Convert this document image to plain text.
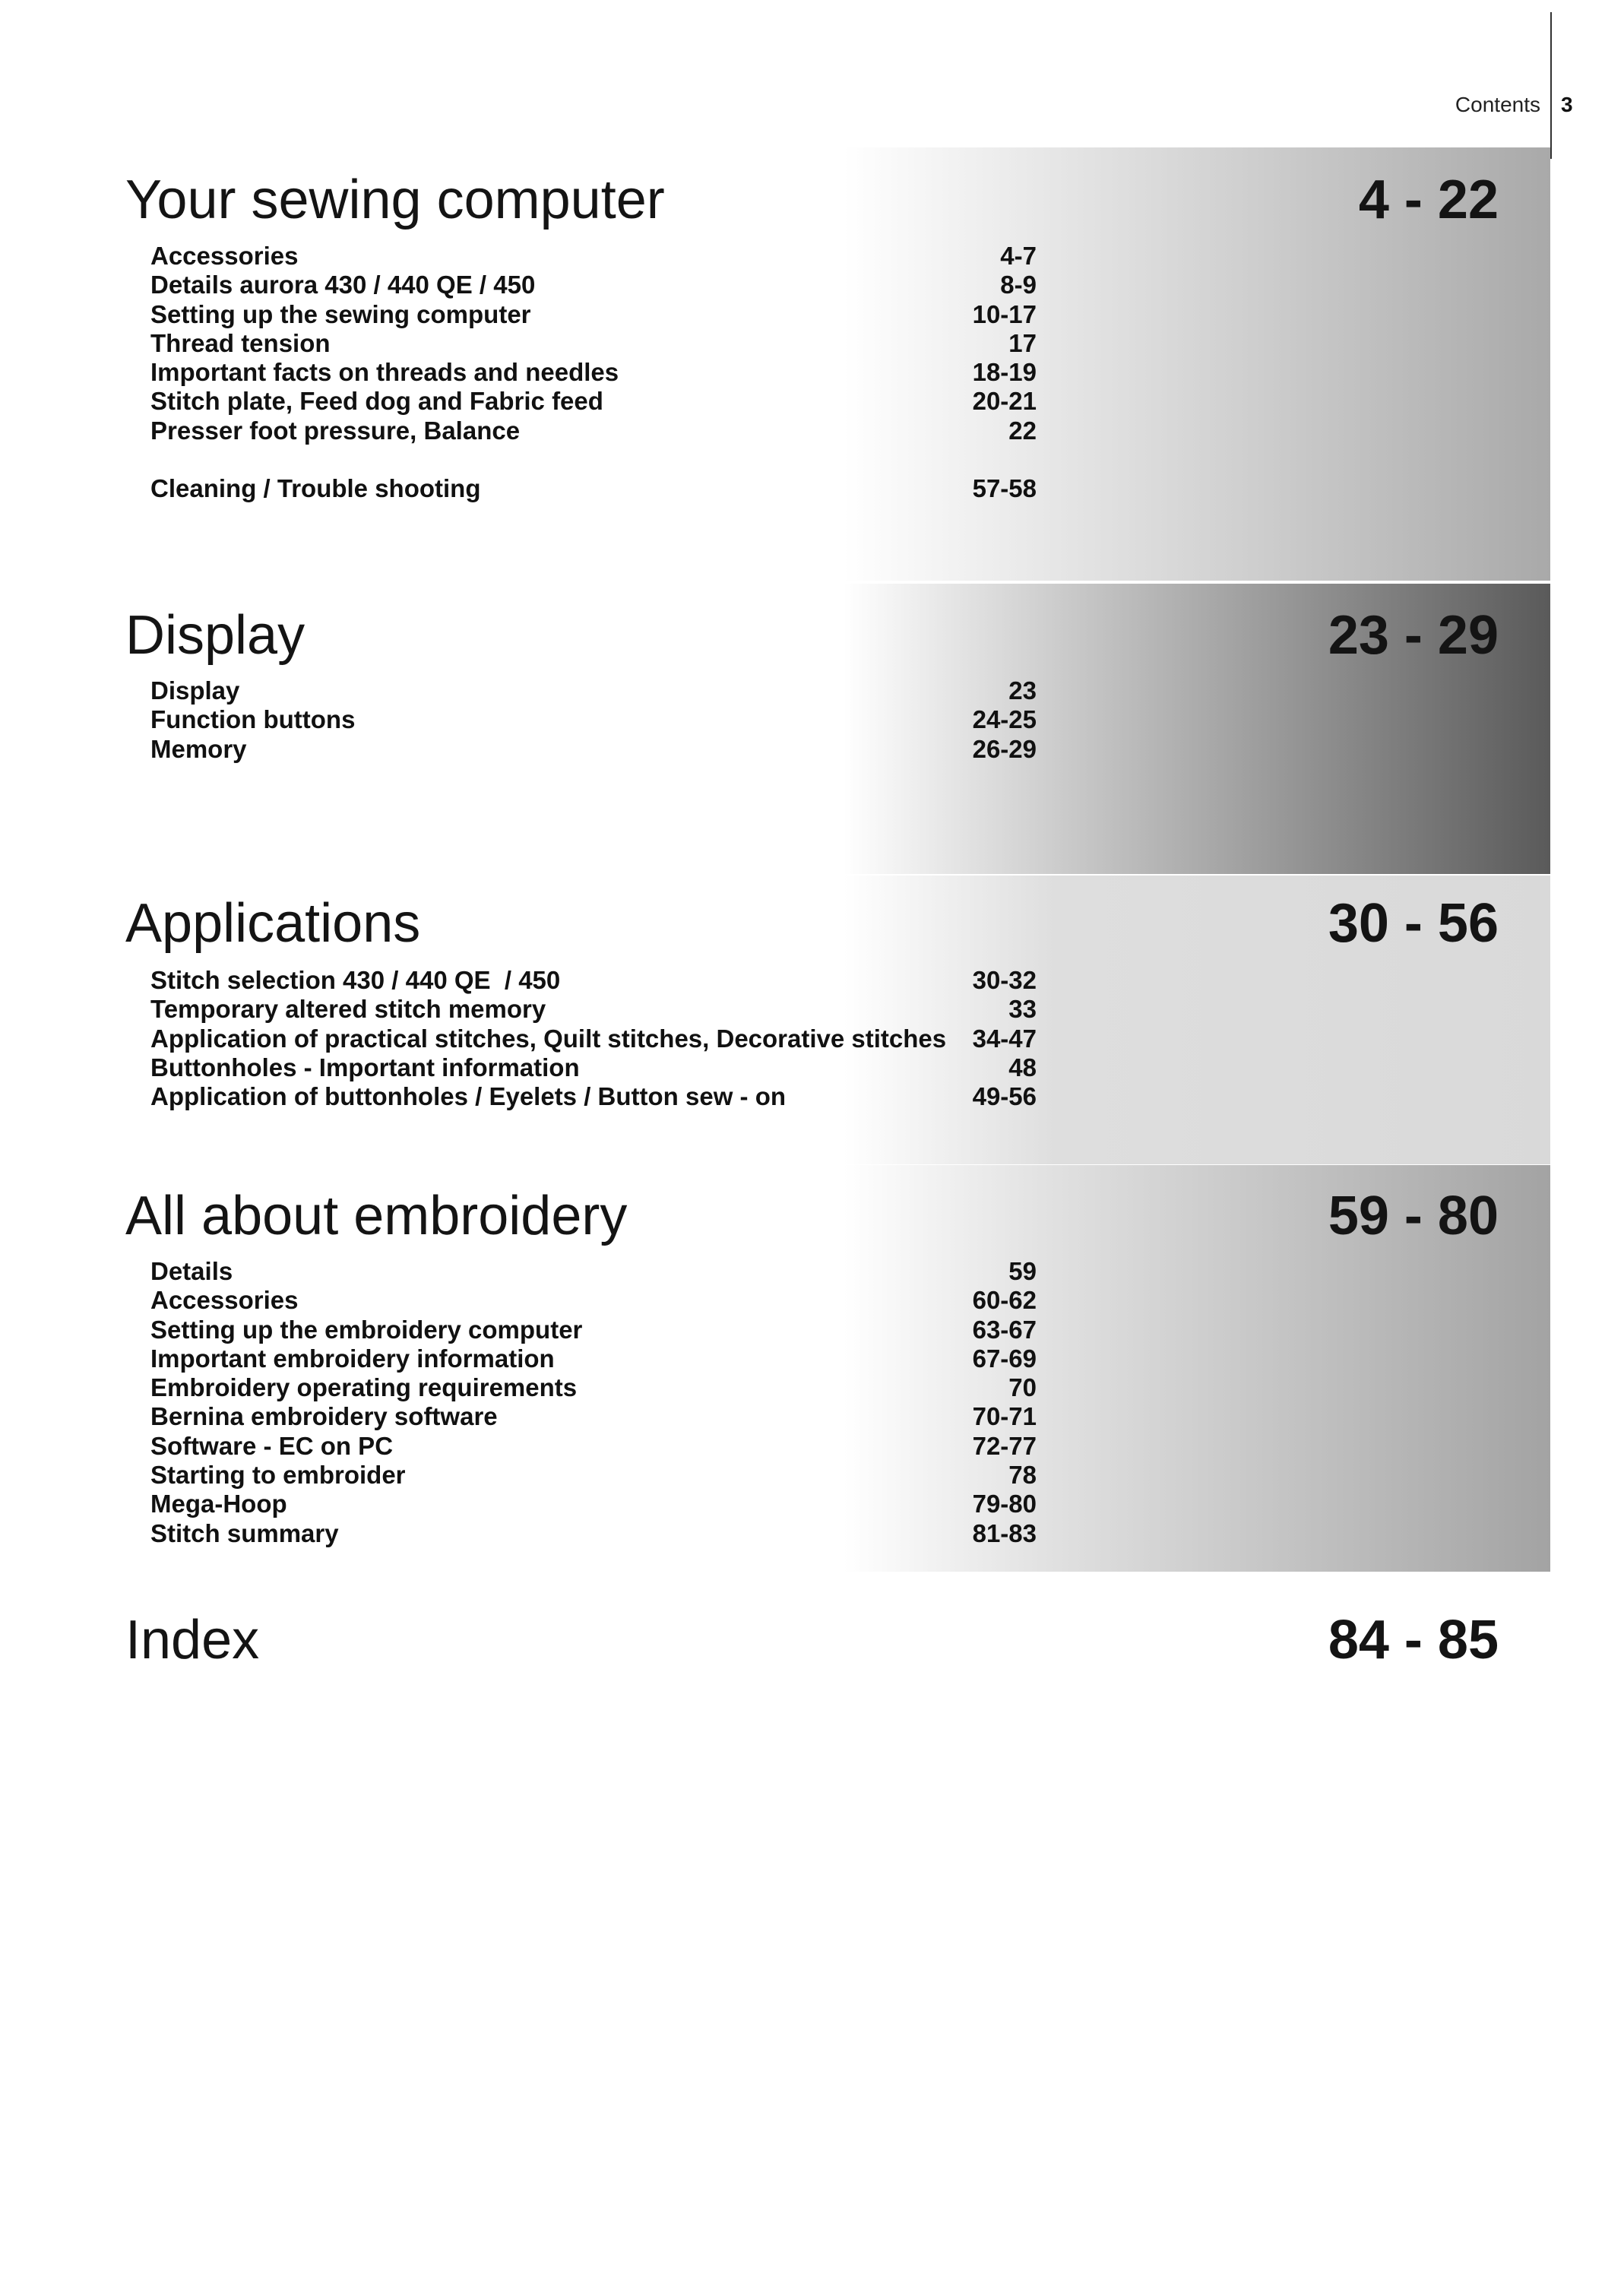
Contents 3
Your sewing computer	4 - 22
Accessories	4-7
Details aurora 430 / 440 QE / 450	8-9
Setting up the sewing computer	10-17
Thread tension	17
Important facts on threads and needles	18-19
Stitch plate, Feed dog and Fabric feed	20-21
Presser foot pressure, Balance	22
Cleaning / Trouble shooting	57-58
Display	23 - 29
Display	23
Function buttons	24-25
Memory	26-29
Applications	30 - 56
Stitch selection 430 / 440 QE  / 450	30-32
Temporary altered stitch memory	33
Application of practical stitches, Quilt stitches, Decorative stitches 34-47
Buttonholes - Important information	48
Application of buttonholes / Eyelets / Button sew - on	49-56
All about embroidery	59 - 80
Details	59
Accessories	60-62
Setting up the embroidery computer	63-67
Important embroidery information	67-69
Embroidery operating requirements	70
Bernina embroidery software	70-71
Software - EC on PC	72-77
Starting to embroider	78
Mega-Hoop	79-80
Stitch summary	81-83
Index	84 - 85
